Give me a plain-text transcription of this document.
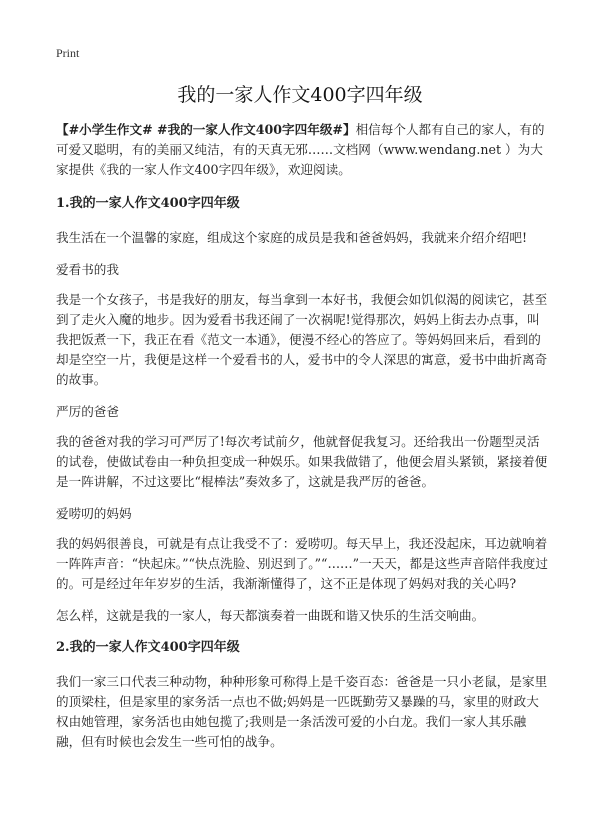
Print
我的一家人作文400字四年级

【#小学生作文# #我的一家人作文400字四年级#】相信每个人都有自己的家人，有的可爱又聪明，有的美丽又纯洁，有的天真无邪……文档网（www.wendang.net ）为大家提供《我的一家人作文400字四年级》，欢迎阅读。

1.我的一家人作文400字四年级

我生活在一个温馨的家庭，组成这个家庭的成员是我和爸爸妈妈，我就来介绍介绍吧!

爱看书的我

我是一个女孩子，书是我好的朋友，每当拿到一本好书，我便会如饥似渴的阅读它，甚至到了走火入魔的地步。因为爱看书我还闹了一次祸呢!觉得那次，妈妈上街去办点事，叫我把饭煮一下，我正在看《范文一本通》，便漫不经心的答应了。等妈妈回来后，看到的却是空空一片，我便是这样一个爱看书的人，爱书中的令人深思的寓意，爱书中曲折离奇的故事。

严厉的爸爸

我的爸爸对我的学习可严厉了!每次考试前夕，他就督促我复习。还给我出一份题型灵活的试卷，使做试卷由一种负担变成一种娱乐。如果我做错了，他便会眉头紧锁，紧接着便是一阵讲解，不过这要比“棍棒法”奏效多了，这就是我严厉的爸爸。

爱唠叨的妈妈

我的妈妈很善良，可就是有点让我受不了：爱唠叨。每天早上，我还没起床，耳边就响着一阵阵声音：“快起床。”“快点洗脸、别迟到了。”“……”一天天，都是这些声音陪伴我度过的。可是经过年年岁岁的生活，我渐渐懂得了，这不正是体现了妈妈对我的关心吗?

怎么样，这就是我的一家人，每天都演奏着一曲既和谐又快乐的生活交响曲。

2.我的一家人作文400字四年级

我们一家三口代表三种动物，种种形象可称得上是千姿百态：爸爸是一只小老鼠，是家里的顶梁柱，但是家里的家务活一点也不做;妈妈是一匹既勤劳又暴躁的马，家里的财政大权由她管理，家务活也由她包揽了;我则是一条活泼可爱的小白龙。我们一家人其乐融融，但有时候也会发生一些可怕的战争。
